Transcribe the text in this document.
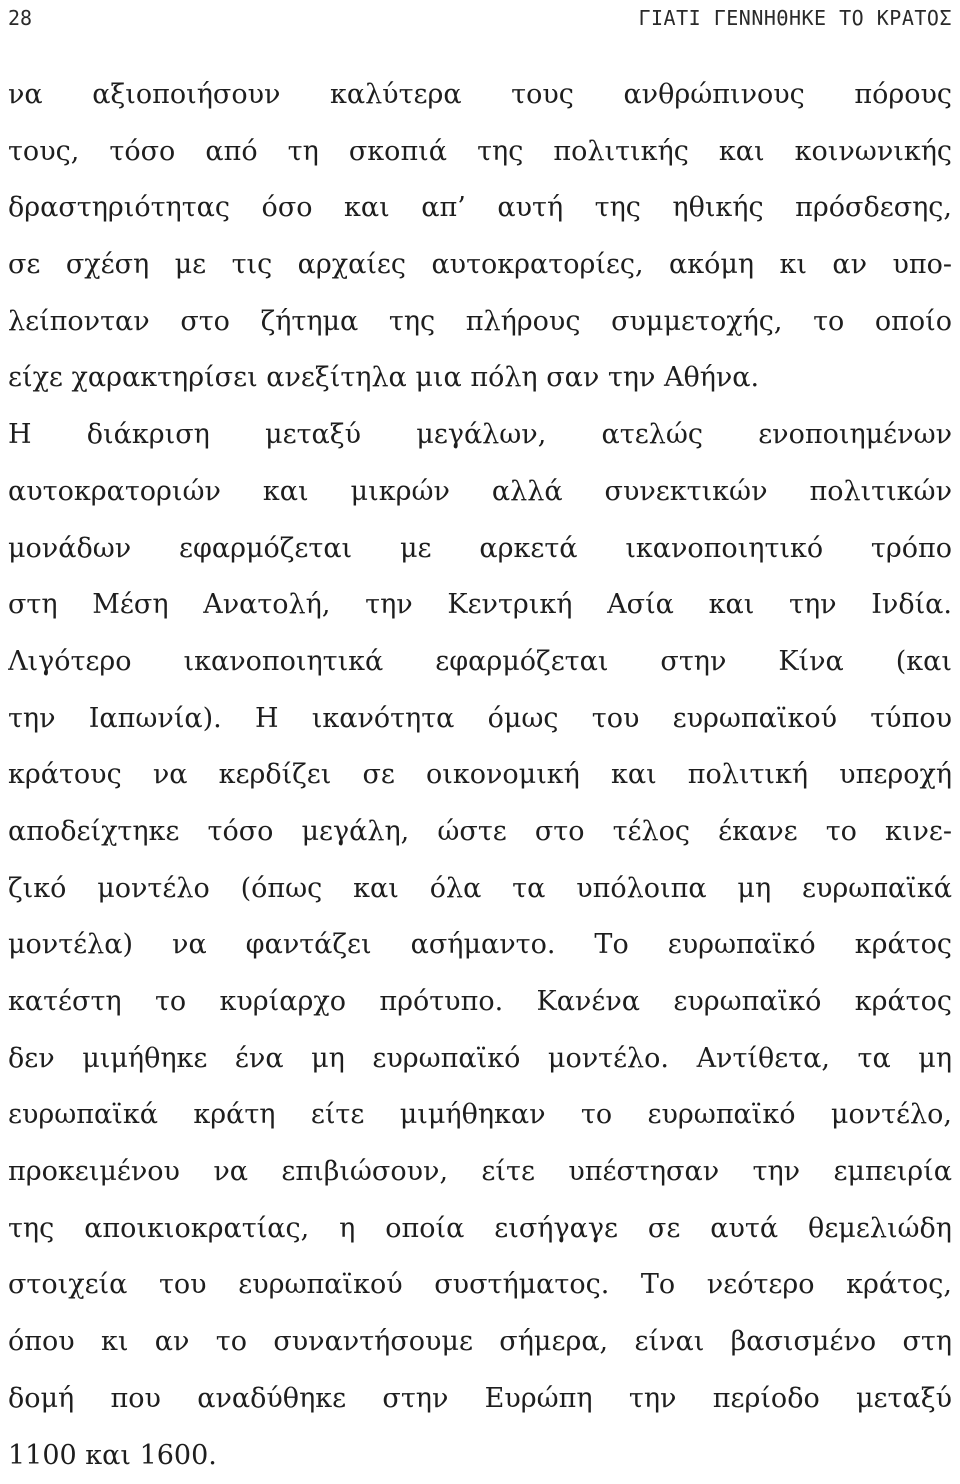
28	ΓΙΑΤΙ ΓΕΝΝΗΘΗΚΕ ΤΟ ΚΡΑΤΟΣ
να αξιοποιήσουν καλύτερα τους ανθρώπινους πόρους
τους, τόσο από τη σκοπιά της πολιτικής και κοινωνικής
δραστηριότητας όσο και απ’ αυτή της ηθικής πρόσδεσης,
σε σχέση με τις αρχαίες αυτοκρατορίες, ακόμη κι αν υπο-
λείπονταν στο ζήτημα της πλήρους συμμετοχής, το οποίο
είχε χαρακτηρίσει ανεξίτηλα μια πόλη σαν την Αθήνα.
Η διάκριση μεταξύ μεγάλων, ατελώς ενοποιημένων
αυτοκρατοριών και μικρών αλλά συνεκτικών πολιτικών
μονάδων εφαρμόζεται με αρκετά ικανοποιητικό τρόπο
στη Μέση Ανατολή, την Κεντρική Ασία και την Ινδία.
Λιγότερο ικανοποιητικά εφαρμόζεται στην Κίνα (και
την Ιαπωνία). Η ικανότητα όμως του ευρωπαϊκού τύπου
κράτους να κερδίζει σε οικονομική και πολιτική υπεροχή
αποδείχτηκε τόσο μεγάλη, ώστε στο τέλος έκανε το κινε-
ζικό μοντέλο (όπως και όλα τα υπόλοιπα μη ευρωπαϊκά
μοντέλα) να φαντάζει ασήμαντο. Το ευρωπαϊκό κράτος
κατέστη το κυρίαρχο πρότυπο. Κανένα ευρωπαϊκό κράτος
δεν μιμήθηκε ένα μη ευρωπαϊκό μοντέλο. Αντίθετα, τα μη
ευρωπαϊκά κράτη είτε μιμήθηκαν το ευρωπαϊκό μοντέλο,
προκειμένου να επιβιώσουν, είτε υπέστησαν την εμπειρία
της αποικιοκρατίας, η οποία εισήγαγε σε αυτά θεμελιώδη
στοιχεία του ευρωπαϊκού συστήματος. Το νεότερο κράτος,
όπου κι αν το συναντήσουμε σήμερα, είναι βασισμένο στη
δομή που αναδύθηκε στην Ευρώπη την περίοδο μεταξύ
1100 και 1600.
